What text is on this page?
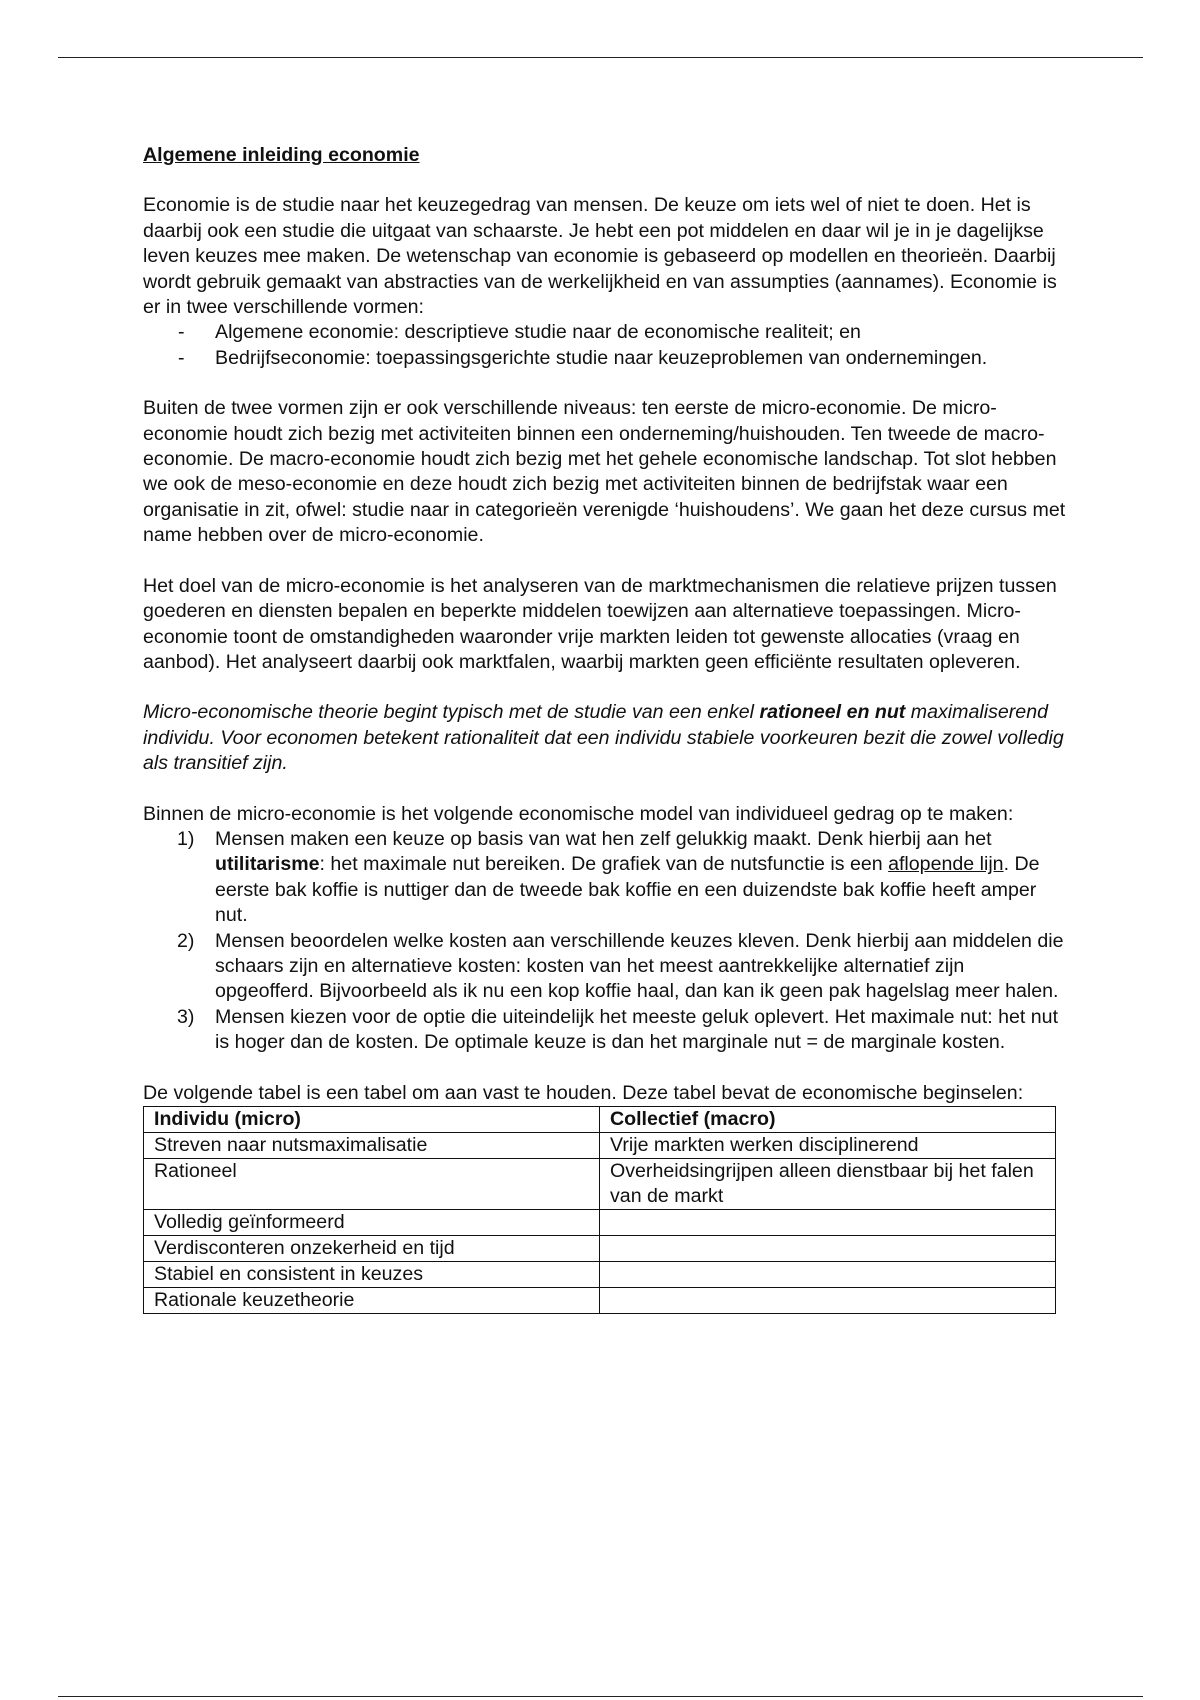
Algemene inleiding economie

Economie is de studie naar het keuzegedrag van mensen. De keuze om iets wel of niet te doen. Het is daarbij ook een studie die uitgaat van schaarste. Je hebt een pot middelen en daar wil je in je dagelijkse leven keuzes mee maken. De wetenschap van economie is gebaseerd op modellen en theorieën. Daarbij wordt gebruik gemaakt van abstracties van de werkelijkheid en van assumpties (aannames). Economie is er in twee verschillende vormen:

- Algemene economie: descriptieve studie naar de economische realiteit; en
- Bedrijfseconomie: toepassingsgerichte studie naar keuzeproblemen van ondernemingen.

Buiten de twee vormen zijn er ook verschillende niveaus: ten eerste de micro-economie. De micro-economie houdt zich bezig met activiteiten binnen een onderneming/huishouden. Ten tweede de macro-economie. De macro-economie houdt zich bezig met het gehele economische landschap. Tot slot hebben we ook de meso-economie en deze houdt zich bezig met activiteiten binnen de bedrijfstak waar een organisatie in zit, ofwel: studie naar in categorieën verenigde ‘huishoudens’. We gaan het deze cursus met name hebben over de micro-economie.

Het doel van de micro-economie is het analyseren van de marktmechanismen die relatieve prijzen tussen goederen en diensten bepalen en beperkte middelen toewijzen aan alternatieve toepassingen. Micro-economie toont de omstandigheden waaronder vrije markten leiden tot gewenste allocaties (vraag en aanbod). Het analyseert daarbij ook marktfalen, waarbij markten geen efficiënte resultaten opleveren.

Micro-economische theorie begint typisch met de studie van een enkel rationeel en nut maximaliserend individu. Voor economen betekent rationaliteit dat een individu stabiele voorkeuren bezit die zowel volledig als transitief zijn.

Binnen de micro-economie is het volgende economische model van individueel gedrag op te maken:

1) Mensen maken een keuze op basis van wat hen zelf gelukkig maakt. Denk hierbij aan het utilitarisme: het maximale nut bereiken. De grafiek van de nutsfunctie is een aflopende lijn. De eerste bak koffie is nuttiger dan de tweede bak koffie en een duizendste bak koffie heeft amper nut.
2) Mensen beoordelen welke kosten aan verschillende keuzes kleven. Denk hierbij aan middelen die schaars zijn en alternatieve kosten: kosten van het meest aantrekkelijke alternatief zijn opgeofferd. Bijvoorbeeld als ik nu een kop koffie haal, dan kan ik geen pak hagelslag meer halen.
3) Mensen kiezen voor de optie die uiteindelijk het meeste geluk oplevert. Het maximale nut: het nut is hoger dan de kosten. De optimale keuze is dan het marginale nut = de marginale kosten.

De volgende tabel is een tabel om aan vast te houden. Deze tabel bevat de economische beginselen:

Individu (micro)	Collectief (macro)
Streven naar nutsmaximalisatie	Vrije markten werken disciplinerend
Rationeel	Overheidsingrijpen alleen dienstbaar bij het falen van de markt
Volledig geïnformeerd	
Verdisconteren onzekerheid en tijd	
Stabiel en consistent in keuzes	
Rationale keuzetheorie	
